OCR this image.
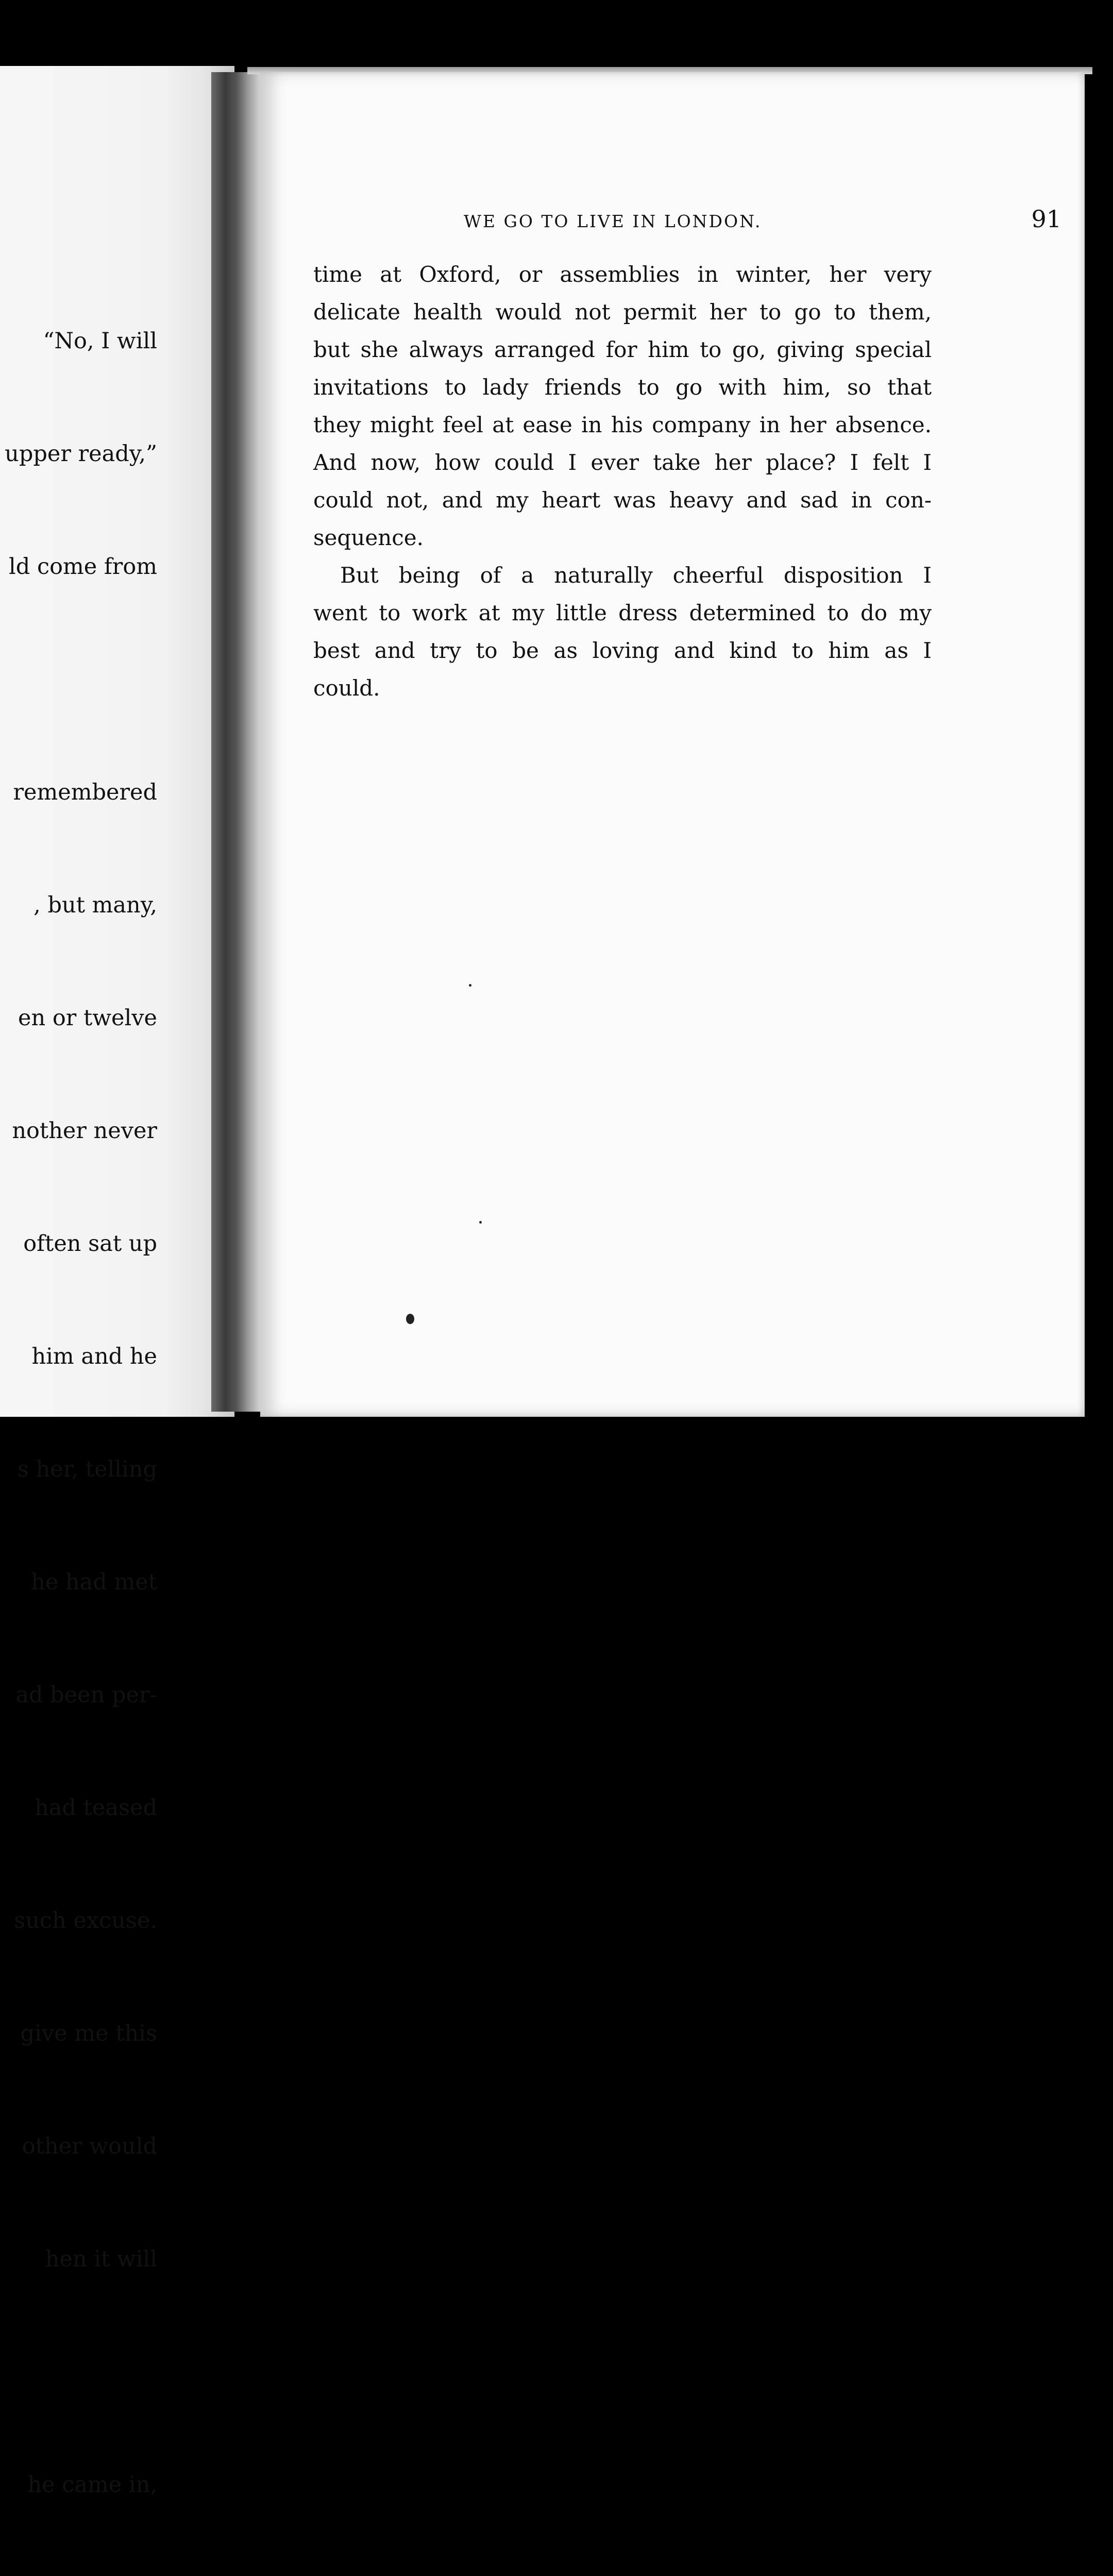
“No, I will

upper ready,”

ld come from

remembered

, but many,

en or twelve

nother never

often sat up

him and he

s her, telling

he had met

ad been per-

had teased

such excuse.

give me this

other would

hen it will

he came in,

WE GO TO LIVE IN LONDON.	91
time at Oxford, or assemblies in winter, her very
delicate health would not permit her to go to them,
but she always arranged for him to go, giving special
invitations to lady friends to go with him, so that
they might feel at ease in his company in her absence.
And now, how could I ever take her place? I felt I
could not, and my heart was heavy and sad in con-
sequence.
But being of a naturally cheerful disposition I
went to work at my little dress determined to do my
best and try to be as loving and kind to him as I
could.
